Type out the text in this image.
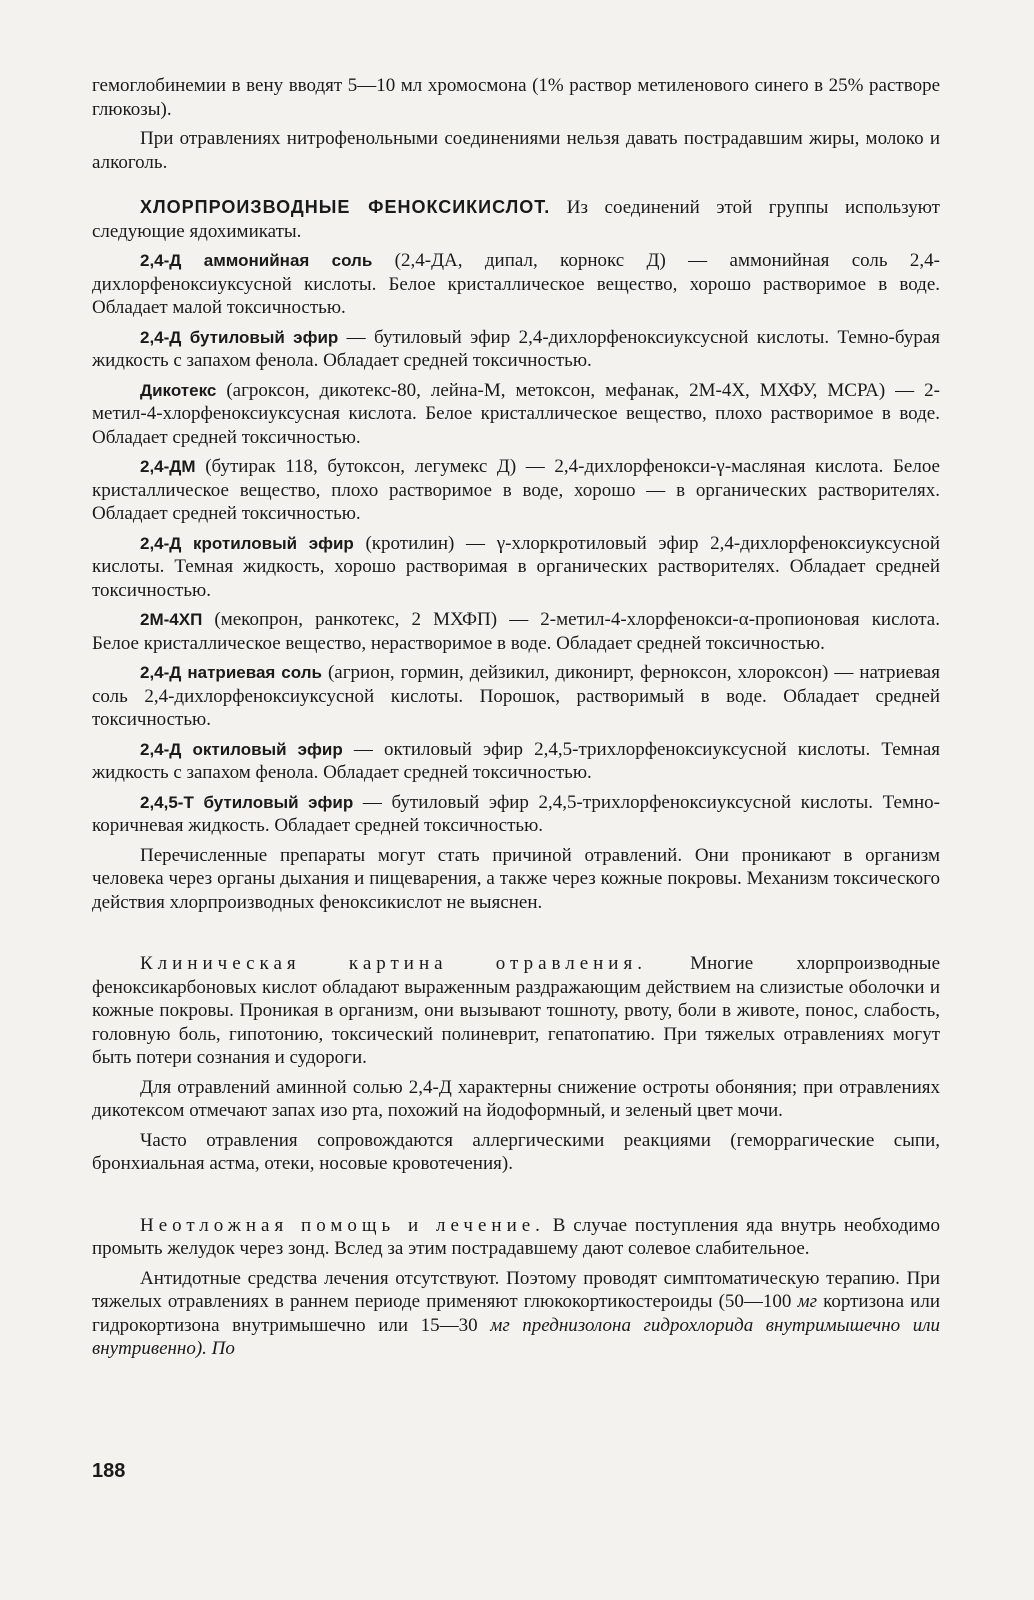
гемоглобинемии в вену вводят 5—10 мл хромосмона (1% раствор метиленового синего в 25% растворе глюкозы).

При отравлениях нитрофенольными соединениями нельзя давать пострадавшим жиры, молоко и алкоголь.

ХЛОРПРОИЗВОДНЫЕ ФЕНОКСИКИСЛОТ. Из соединений этой группы используют следующие ядохимикаты.

2,4-Д аммонийная соль (2,4-ДА, дипал, корнокс Д) — аммонийная соль 2,4-дихлорфеноксиуксусной кислоты. Белое кристаллическое вещество, хорошо растворимое в воде. Обладает малой токсичностью.

2,4-Д бутиловый эфир — бутиловый эфир 2,4-дихлорфеноксиуксусной кислоты. Темно-бурая жидкость с запахом фенола. Обладает средней токсичностью.

Дикотекс (агроксон, дикотекс-80, лейна-М, метоксон, мефанак, 2М-4Х, МХФУ, МСРА) — 2-метил-4-хлорфеноксиуксусная кислота. Белое кристаллическое вещество, плохо растворимое в воде. Обладает средней токсичностью.

2,4-ДМ (бутирак 118, бутоксон, легумекс Д) — 2,4-дихлорфенокси-γ-масляная кислота. Белое кристаллическое вещество, плохо растворимое в воде, хорошо — в органических растворителях. Обладает средней токсичностью.

2,4-Д кротиловый эфир (кротилин) — γ-хлоркротиловый эфир 2,4-дихлорфеноксиуксусной кислоты. Темная жидкость, хорошо растворимая в органических растворителях. Обладает средней токсичностью.

2М-4ХП (мекопрон, ранкотекс, 2 МХФП) — 2-метил-4-хлорфенокси-α-пропионовая кислота. Белое кристаллическое вещество, нерастворимое в воде. Обладает средней токсичностью.

2,4-Д натриевая соль (агрион, гормин, дейзикил, диконирт, ферноксон, хлороксон) — натриевая соль 2,4-дихлорфеноксиуксусной кислоты. Порошок, растворимый в воде. Обладает средней токсичностью.

2,4-Д октиловый эфир — октиловый эфир 2,4,5-трихлорфеноксиуксусной кислоты. Темная жидкость с запахом фенола. Обладает средней токсичностью.

2,4,5-Т бутиловый эфир — бутиловый эфир 2,4,5-трихлорфеноксиуксусной кислоты. Темно-коричневая жидкость. Обладает средней токсичностью.

Перечисленные препараты могут стать причиной отравлений. Они проникают в организм человека через органы дыхания и пищеварения, а также через кожные покровы. Механизм токсического действия хлорпроизводных феноксикислот не выяснен.

Клиническая картина отравления. Многие хлорпроизводные феноксикарбоновых кислот обладают выраженным раздражающим действием на слизистые оболочки и кожные покровы. Проникая в организм, они вызывают тошноту, рвоту, боли в животе, понос, слабость, головную боль, гипотонию, токсический полиневрит, гепатопатию. При тяжелых отравлениях могут быть потери сознания и судороги.

Для отравлений аминной солью 2,4-Д характерны снижение остроты обоняния; при отравлениях дикотексом отмечают запах изо рта, похожий на йодоформный, и зеленый цвет мочи.

Часто отравления сопровождаются аллергическими реакциями (геморрагические сыпи, бронхиальная астма, отеки, носовые кровотечения).

Неотложная помощь и лечение. В случае поступления яда внутрь необходимо промыть желудок через зонд. Вслед за этим пострадавшему дают солевое слабительное.

Антидотные средства лечения отсутствуют. Поэтому проводят симптоматическую терапию. При тяжелых отравлениях в раннем периоде применяют глюкокортикостероиды (50—100 мг кортизона или гидрокортизона внутримышечно или 15—30 мг преднизолона гидрохлорида внутримышечно или внутривенно). По

188
